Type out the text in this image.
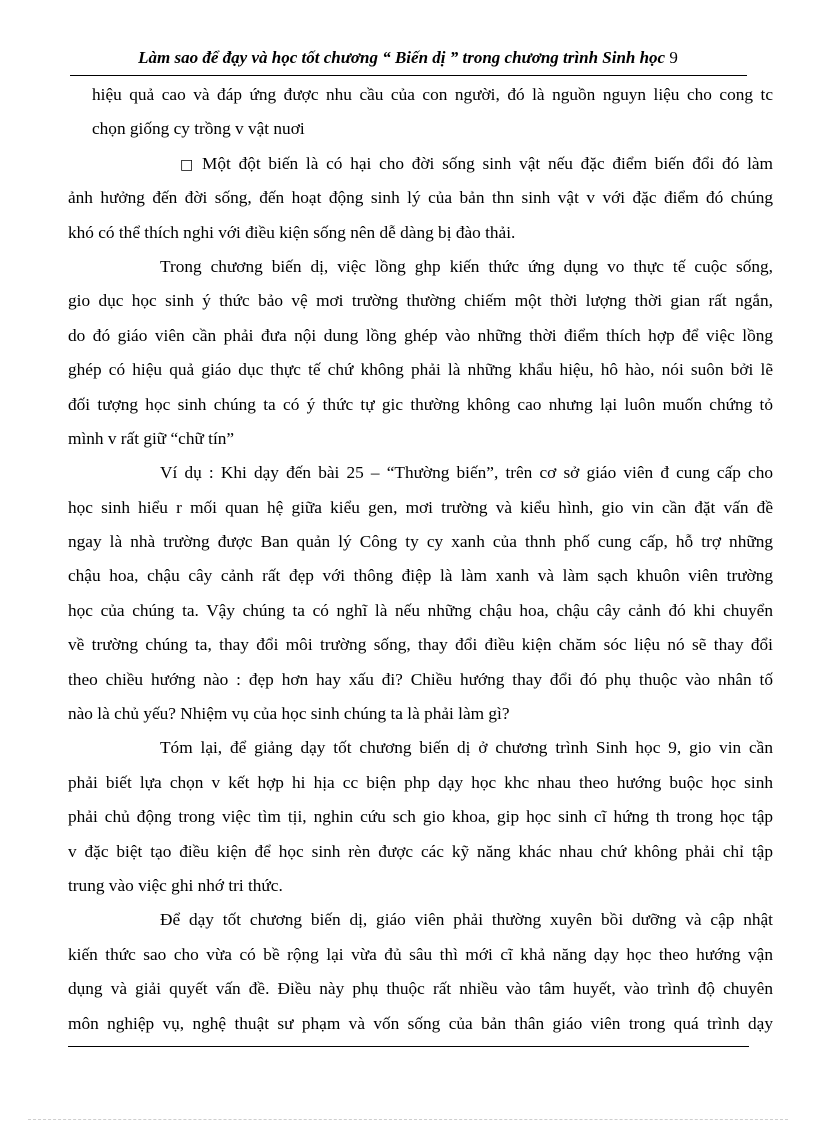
Làm sao để đạy và học tốt chương “ Biến dị ” trong chương trình Sinh học 9
hiệu quả cao và đáp ứng được nhu cầu của con người, đó là nguồn nguyn liệu cho cong tc
chọn giống cy trồng v vật nuơi
□ Một đột biến là có hại cho đời sống sinh vật nếu đặc điểm biến đổi đó làm
ảnh hưởng đến đời sống, đến hoạt động sinh lý của bản thn sinh vật v với đặc điểm đó chúng
khó có thể thích nghi với điều kiện sống nên dễ dàng bị đào thải.
Trong chương biến dị, việc lồng ghp kiến thức ứng dụng vo thực tế cuộc sống,
gio dục học sinh ý thức bảo vệ mơi trường thường chiếm một thời lượng thời gian rất ngắn,
do đó giáo viên cần phải đưa nội dung lồng ghép vào những thời điểm thích hợp để việc lồng
ghép có hiệu quả giáo dục thực tế chứ không phải là những khẩu hiệu, hô hào, nói suôn bởi lẽ
đối tượng học sinh chúng ta có ý thức tự gic thường không cao nhưng lại luôn muốn chứng tỏ
mình v rất giữ “chữ tín”
Ví dụ : Khi dạy đến bài 25 – “Thường biến”, trên cơ sở giáo viên đ cung cấp cho
học sinh hiểu r mối quan hệ giữa kiểu gen, mơi trường và kiểu hình, gio vin cần đặt vấn đề
ngay là nhà trường được Ban quản lý Công ty cy xanh của thnh phố cung cấp, hỗ trợ những
chậu hoa, chậu cây cảnh rất đẹp với thông điệp là làm xanh và làm sạch khuôn viên trường
học của chúng ta. Vậy chúng ta có nghĩ là nếu những chậu hoa, chậu cây cảnh đó khi chuyển
về trường chúng ta, thay đổi môi trường sống, thay đổi điều kiện chăm sóc liệu nó sẽ thay đổi
theo chiều hướng nào : đẹp hơn hay xấu đi? Chiều hướng thay đổi đó phụ thuộc vào nhân tố
nào là chủ yếu? Nhiệm vụ của học sinh chúng ta là phải làm gì?
Tóm lại, để giảng dạy tốt chương biến dị ở chương trình Sinh học 9, gio vin cần
phải biết lựa chọn v kết hợp hi hịa cc biện php dạy học khc nhau theo hướng buộc học sinh
phải chủ động trong việc tìm tịi, nghin cứu sch gio khoa, gip học sinh cĩ hứng th trong học tập
v đặc biệt tạo điều kiện để học sinh rèn được các kỹ năng khác nhau chứ không phải chỉ tập
trung vào việc ghi nhớ tri thức.
Để dạy tốt chương biến dị, giáo viên phải thường xuyên bồi dưỡng và cập nhật
kiến thức sao cho vừa có bề rộng lại vừa đủ sâu thì mới cĩ khả năng dạy học theo hướng vận
dụng và giải quyết vấn đề. Điều này phụ thuộc rất nhiều vào tâm huyết, vào trình độ chuyên
môn nghiệp vụ, nghệ thuật sư phạm và vốn sống của bản thân giáo viên trong quá trình dạy
